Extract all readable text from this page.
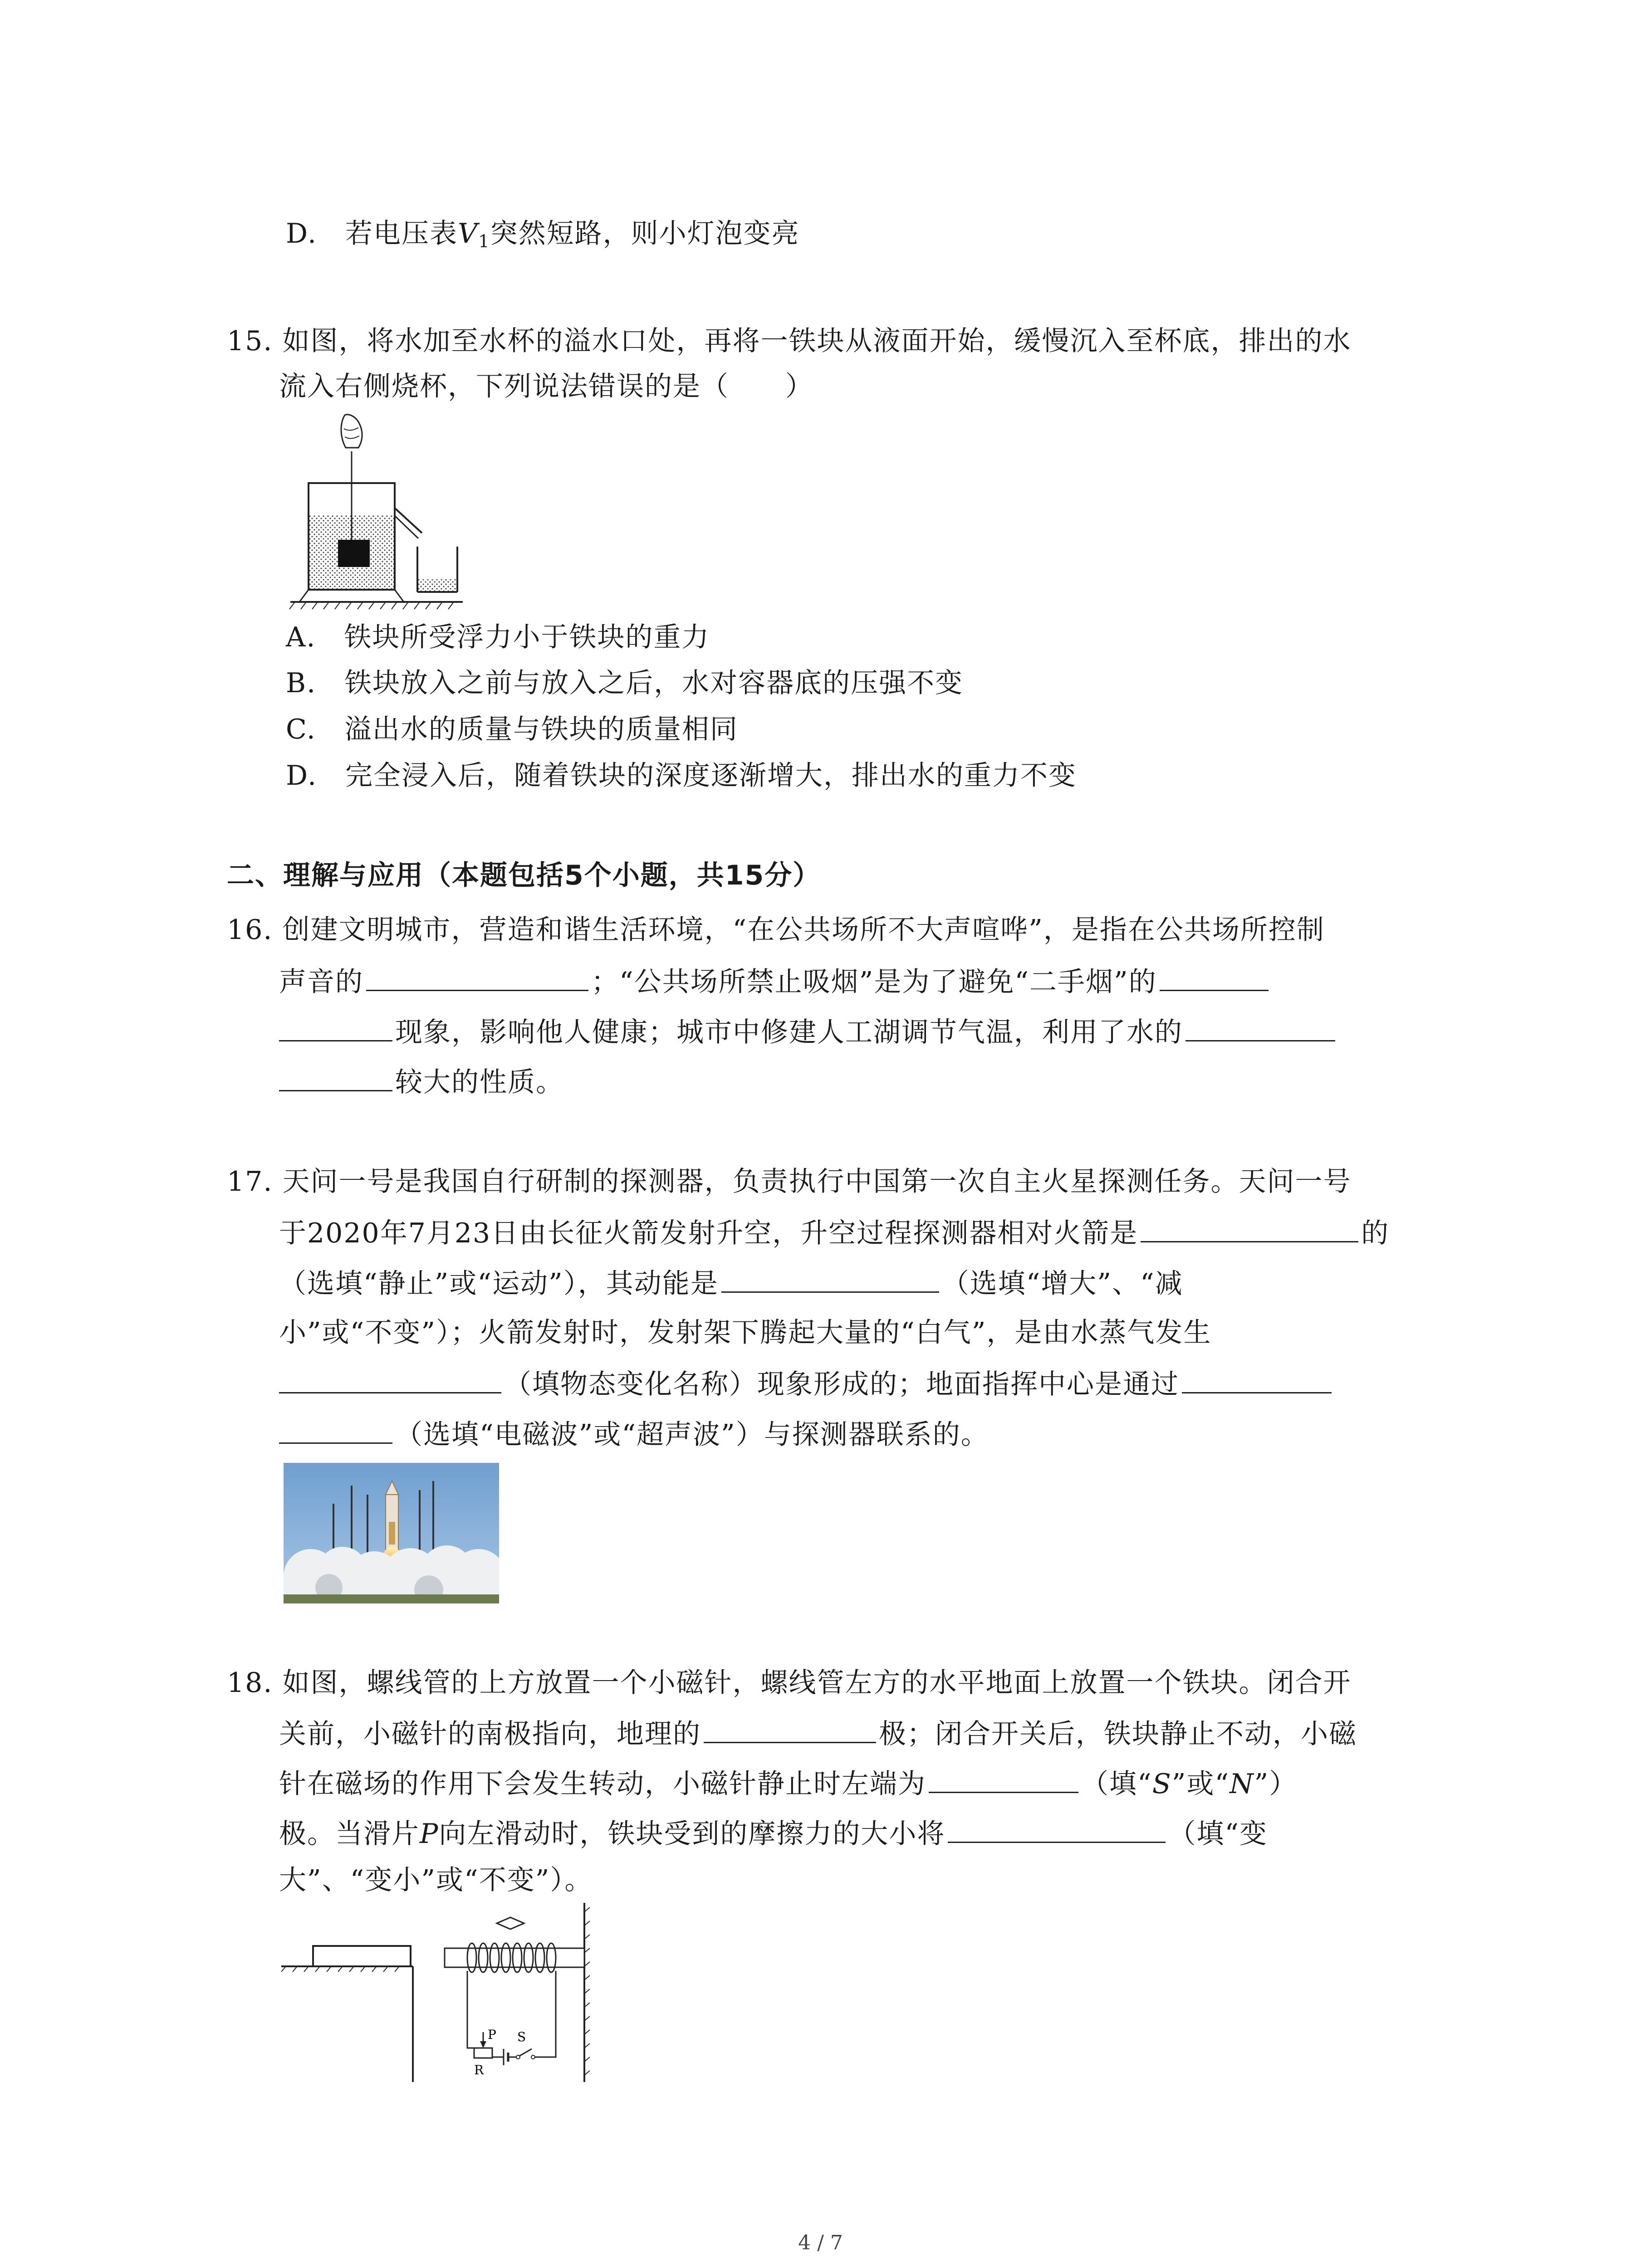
D.　若电压表$V_1$突然短路，则小灯泡变亮
15. 如图，将水加至水杯的溢水口处，再将一铁块从液面开始，缓慢沉入至杯底，排出的水
流入右侧烧杯，下列说法错误的是（　　）
A.　铁块所受浮力小于铁块的重力
B.　铁块放入之前与放入之后，水对容器底的压强不变
C.　溢出水的质量与铁块的质量相同
D.　完全浸入后，随着铁块的深度逐渐增大，排出水的重力不变
二、理解与应用（本题包括5个小题，共15分）
16. 创建文明城市，营造和谐生活环境，“在公共场所不大声喧哗”，是指在公共场所控制
声音的	；“公共场所禁止吸烟”是为了避免“二手烟”的
现象，影响他人健康；城市中修建人工湖调节气温，利用了水的
较大的性质。
17. 天问一号是我国自行研制的探测器，负责执行中国第一次自主火星探测任务。天问一号
于2020年7月23日由长征火箭发射升空，升空过程探测器相对火箭是	的
（选填“静止”或“运动”），其动能是	（选填“增大”、“减
小”或“不变”）；火箭发射时，发射架下腾起大量的“白气”，是由水蒸气发生
（填物态变化名称）现象形成的；地面指挥中心是通过
（选填“电磁波”或“超声波”）与探测器联系的。
18. 如图，螺线管的上方放置一个小磁针，螺线管左方的水平地面上放置一个铁块。闭合开
关前，小磁针的南极指向，地理的	极；闭合开关后，铁块静止不动，小磁
针在磁场的作用下会发生转动，小磁针静止时左端为	（填“S”或“N”）
极。当滑片P向左滑动时，铁块受到的摩擦力的大小将	（填“变
大”、“变小”或“不变”）。
P
R
S
4 / 7
